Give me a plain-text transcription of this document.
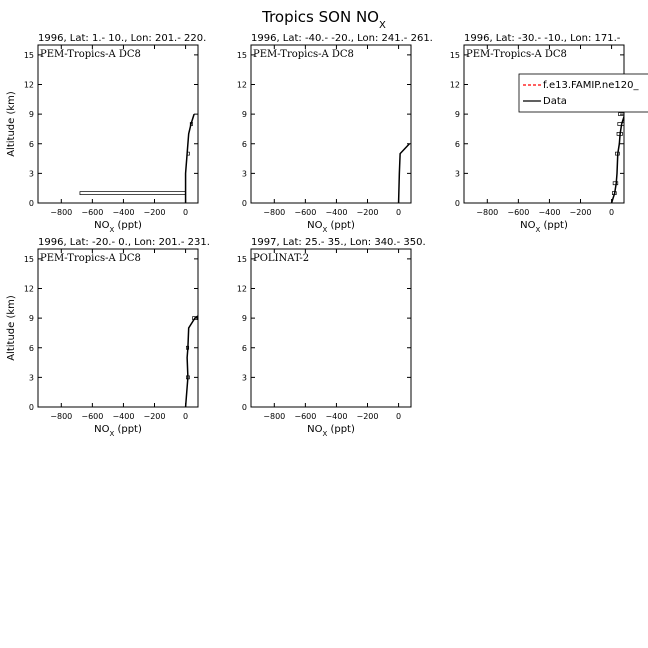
Tropics SON $NO_X$
1996, Lat: 1.- 10., Lon: 201.- 220.
PEM-Tropics-A DC8
0
3
6
9
12
15
−800 −600 −400 −200 0
$NO_X$ (ppt)
Altitude (km)
1996, Lat: -40.- -20., Lon: 241.- 261.
PEM-Tropics-A DC8
0
3
6
9
12
15
−800 −600 −400 −200 0
$NO_X$ (ppt)
1996, Lat: -30.- -10., Lon: 171.-
PEM-Tropics-A DC8
0
3
6
9
12
15
−800 −600 −400 −200 0
$NO_X$ (ppt)
1996, Lat: -20.- 0., Lon: 201.- 231.
PEM-Tropics-A DC8
0
3
6
9
12
15
−800 −600 −400 −200 0
$NO_X$ (ppt)
Altitude (km)
1997, Lat: 25.- 35., Lon: 340.- 350.
POLINAT-2
0
3
6
9
12
15
−800 −600 −400 −200 0
$NO_X$ (ppt)
f.e13.FAMIP.ne120_
Data
